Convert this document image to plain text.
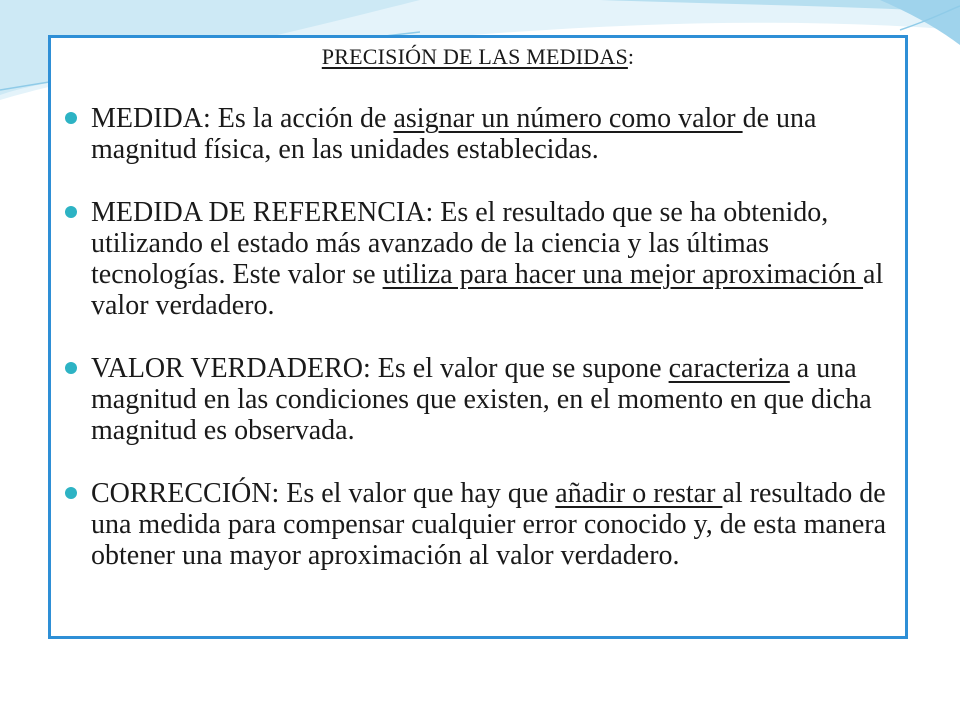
PRECISIÓN DE LAS MEDIDAS:
MEDIDA: Es la acción de asignar un número como valor de una magnitud física, en las unidades establecidas.
MEDIDA DE REFERENCIA: Es el resultado que se ha obtenido, utilizando el estado más avanzado de la ciencia y las últimas tecnologías. Este valor se utiliza para hacer una mejor aproximación al valor verdadero.
VALOR VERDADERO: Es el valor que se supone caracteriza a una magnitud en las condiciones que existen, en el momento en que dicha magnitud es observada.
CORRECCIÓN: Es el valor que hay que añadir o restar al resultado de una medida para compensar cualquier error conocido y, de esta manera obtener una mayor aproximación al valor verdadero.
